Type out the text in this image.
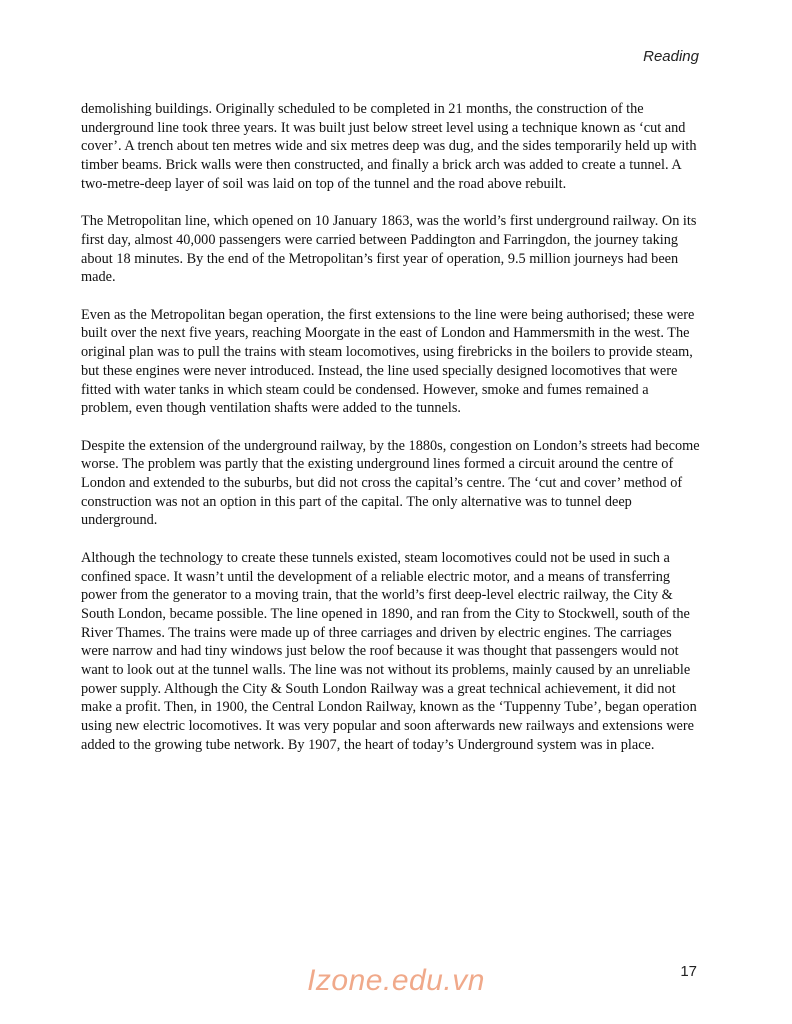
Reading

demolishing buildings. Originally scheduled to be completed in 21 months, the construction of the underground line took three years. It was built just below street level using a technique known as ‘cut and cover’. A trench about ten metres wide and six metres deep was dug, and the sides temporarily held up with timber beams. Brick walls were then constructed, and finally a brick arch was added to create a tunnel. A two-metre-deep layer of soil was laid on top of the tunnel and the road above rebuilt.

The Metropolitan line, which opened on 10 January 1863, was the world’s first underground railway. On its first day, almost 40,000 passengers were carried between Paddington and Farringdon, the journey taking about 18 minutes. By the end of the Metropolitan’s first year of operation, 9.5 million journeys had been made.

Even as the Metropolitan began operation, the first extensions to the line were being authorised; these were built over the next five years, reaching Moorgate in the east of London and Hammersmith in the west. The original plan was to pull the trains with steam locomotives, using firebricks in the boilers to provide steam, but these engines were never introduced. Instead, the line used specially designed locomotives that were fitted with water tanks in which steam could be condensed. However, smoke and fumes remained a problem, even though ventilation shafts were added to the tunnels.

Despite the extension of the underground railway, by the 1880s, congestion on London’s streets had become worse. The problem was partly that the existing underground lines formed a circuit around the centre of London and extended to the suburbs, but did not cross the capital’s centre. The ‘cut and cover’ method of construction was not an option in this part of the capital. The only alternative was to tunnel deep underground.

Although the technology to create these tunnels existed, steam locomotives could not be used in such a confined space. It wasn’t until the development of a reliable electric motor, and a means of transferring power from the generator to a moving train, that the world’s first deep-level electric railway, the City & South London, became possible. The line opened in 1890, and ran from the City to Stockwell, south of the River Thames. The trains were made up of three carriages and driven by electric engines. The carriages were narrow and had tiny windows just below the roof because it was thought that passengers would not want to look out at the tunnel walls. The line was not without its problems, mainly caused by an unreliable power supply. Although the City & South London Railway was a great technical achievement, it did not make a profit. Then, in 1900, the Central London Railway, known as the ‘Tuppenny Tube’, began operation using new electric locomotives. It was very popular and soon afterwards new railways and extensions were added to the growing tube network. By 1907, the heart of today’s Underground system was in place.

17
Izone.edu.vn
